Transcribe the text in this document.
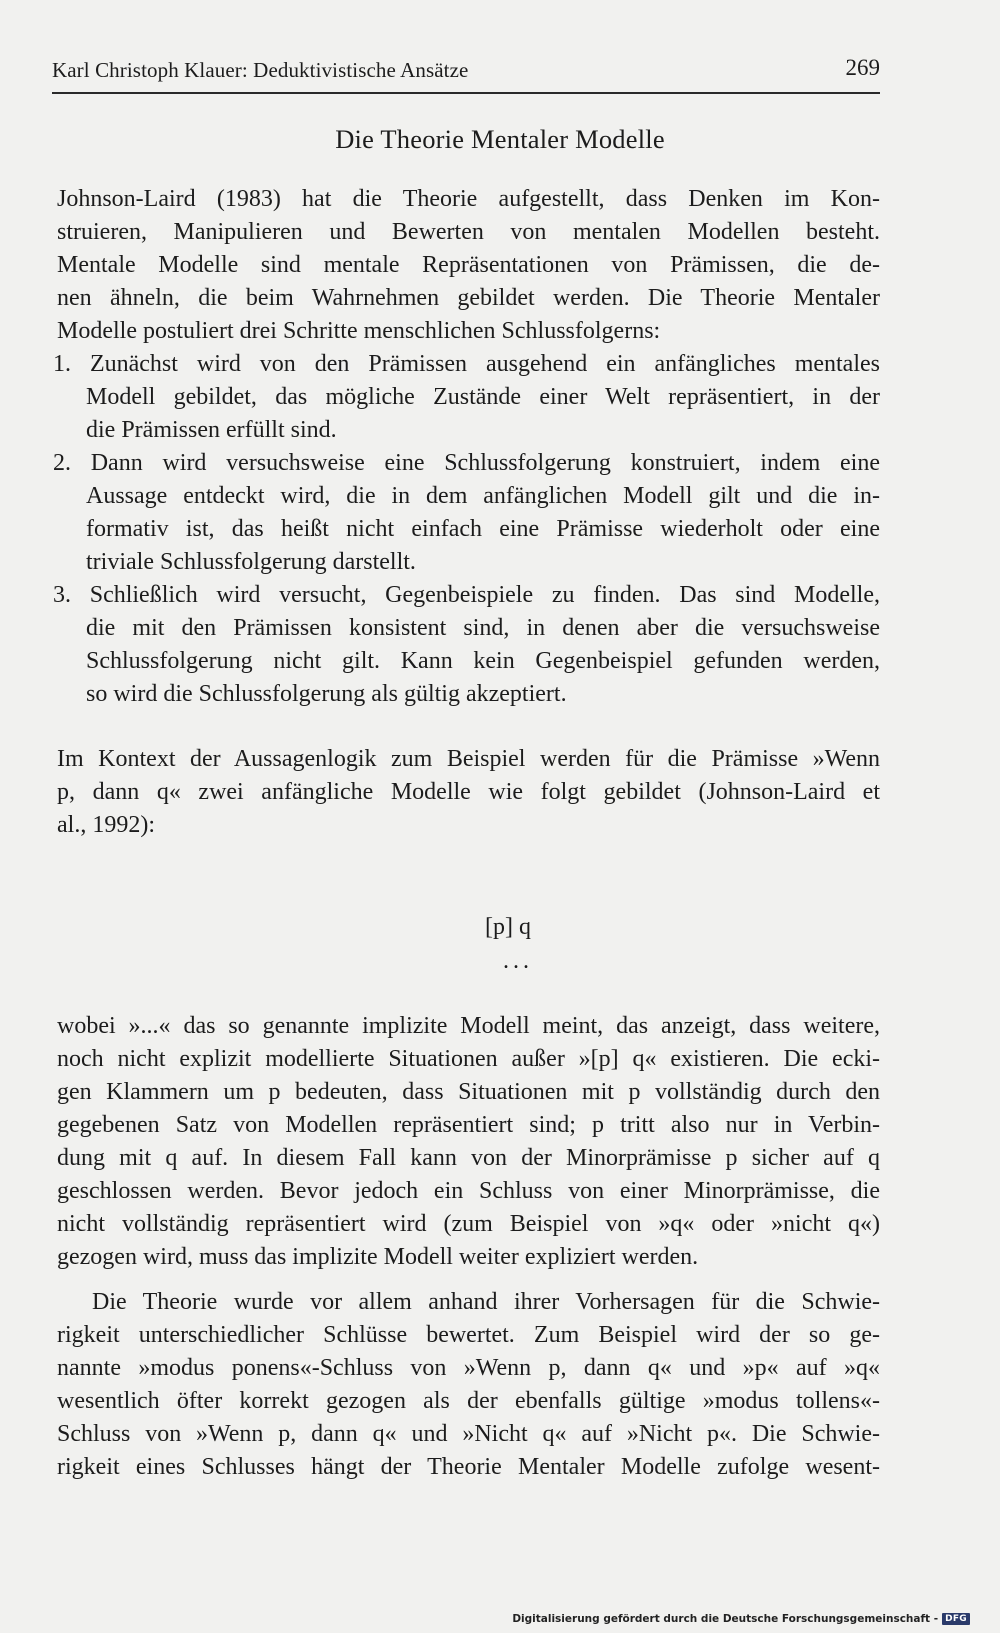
Karl Christoph Klauer: Deduktivistische Ansätze	269
Die Theorie Mentaler Modelle
Johnson-Laird (1983) hat die Theorie aufgestellt, dass Denken im Kon-
struieren, Manipulieren und Bewerten von mentalen Modellen besteht.
Mentale Modelle sind mentale Repräsentationen von Prämissen, die de-
nen ähneln, die beim Wahrnehmen gebildet werden. Die Theorie Mentaler
Modelle postuliert drei Schritte menschlichen Schlussfolgerns:
1. Zunächst wird von den Prämissen ausgehend ein anfängliches mentales
Modell gebildet, das mögliche Zustände einer Welt repräsentiert, in der
die Prämissen erfüllt sind.
2. Dann wird versuchsweise eine Schlussfolgerung konstruiert, indem eine
Aussage entdeckt wird, die in dem anfänglichen Modell gilt und die in-
formativ ist, das heißt nicht einfach eine Prämisse wiederholt oder eine
triviale Schlussfolgerung darstellt.
3. Schließlich wird versucht, Gegenbeispiele zu finden. Das sind Modelle,
die mit den Prämissen konsistent sind, in denen aber die versuchsweise
Schlussfolgerung nicht gilt. Kann kein Gegenbeispiel gefunden werden,
so wird die Schlussfolgerung als gültig akzeptiert.
Im Kontext der Aussagenlogik zum Beispiel werden für die Prämisse »Wenn
p, dann q« zwei anfängliche Modelle wie folgt gebildet (Johnson-Laird et
al., 1992):
[p] q
...
wobei »...« das so genannte implizite Modell meint, das anzeigt, dass weitere,
noch nicht explizit modellierte Situationen außer »[p] q« existieren. Die ecki-
gen Klammern um p bedeuten, dass Situationen mit p vollständig durch den
gegebenen Satz von Modellen repräsentiert sind; p tritt also nur in Verbin-
dung mit q auf. In diesem Fall kann von der Minorprämisse p sicher auf q
geschlossen werden. Bevor jedoch ein Schluss von einer Minorprämisse, die
nicht vollständig repräsentiert wird (zum Beispiel von »q« oder »nicht q«)
gezogen wird, muss das implizite Modell weiter expliziert werden.
Die Theorie wurde vor allem anhand ihrer Vorhersagen für die Schwie-
rigkeit unterschiedlicher Schlüsse bewertet. Zum Beispiel wird der so ge-
nannte »modus ponens«-Schluss von »Wenn p, dann q« und »p« auf »q«
wesentlich öfter korrekt gezogen als der ebenfalls gültige »modus tollens«-
Schluss von »Wenn p, dann q« und »Nicht q« auf »Nicht p«. Die Schwie-
rigkeit eines Schlusses hängt der Theorie Mentaler Modelle zufolge wesent-
Digitalisierung gefördert durch die Deutsche Forschungsgemeinschaft - DFG
